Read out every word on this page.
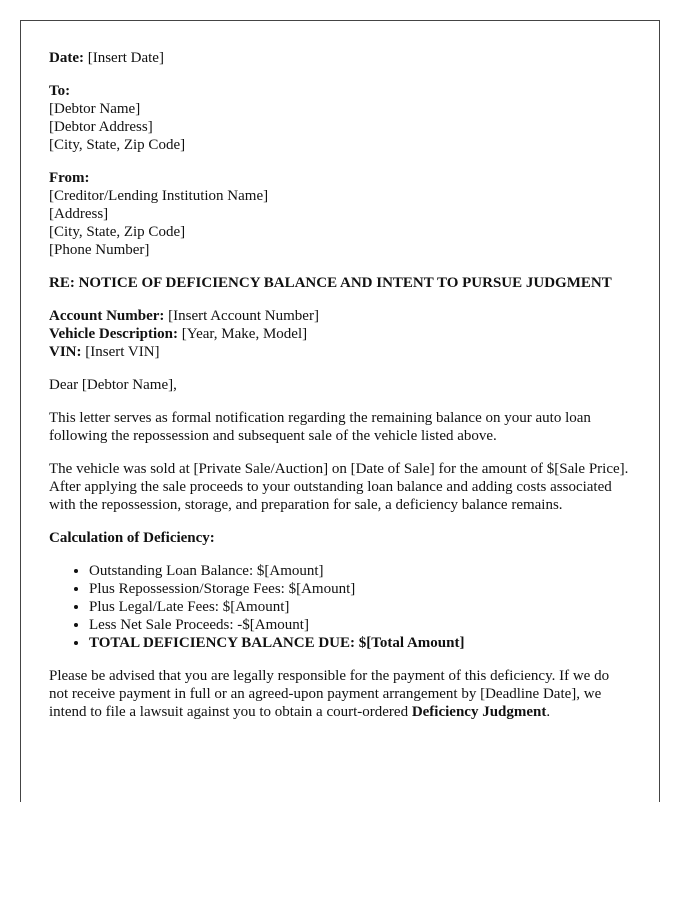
Date: [Insert Date]

To:
[Debtor Name]
[Debtor Address]
[City, State, Zip Code]

From:
[Creditor/Lending Institution Name]
[Address]
[City, State, Zip Code]
[Phone Number]

RE: NOTICE OF DEFICIENCY BALANCE AND INTENT TO PURSUE JUDGMENT

Account Number: [Insert Account Number]
Vehicle Description: [Year, Make, Model]
VIN: [Insert VIN]

Dear [Debtor Name],

This letter serves as formal notification regarding the remaining balance on your auto loan following the repossession and subsequent sale of the vehicle listed above.

The vehicle was sold at [Private Sale/Auction] on [Date of Sale] for the amount of $[Sale Price]. After applying the sale proceeds to your outstanding loan balance and adding costs associated with the repossession, storage, and preparation for sale, a deficiency balance remains.

Calculation of Deficiency:

• Outstanding Loan Balance: $[Amount]
• Plus Repossession/Storage Fees: $[Amount]
• Plus Legal/Late Fees: $[Amount]
• Less Net Sale Proceeds: -$[Amount]
• TOTAL DEFICIENCY BALANCE DUE: $[Total Amount]

Please be advised that you are legally responsible for the payment of this deficiency. If we do not receive payment in full or an agreed-upon payment arrangement by [Deadline Date], we intend to file a lawsuit against you to obtain a court-ordered Deficiency Judgment.
